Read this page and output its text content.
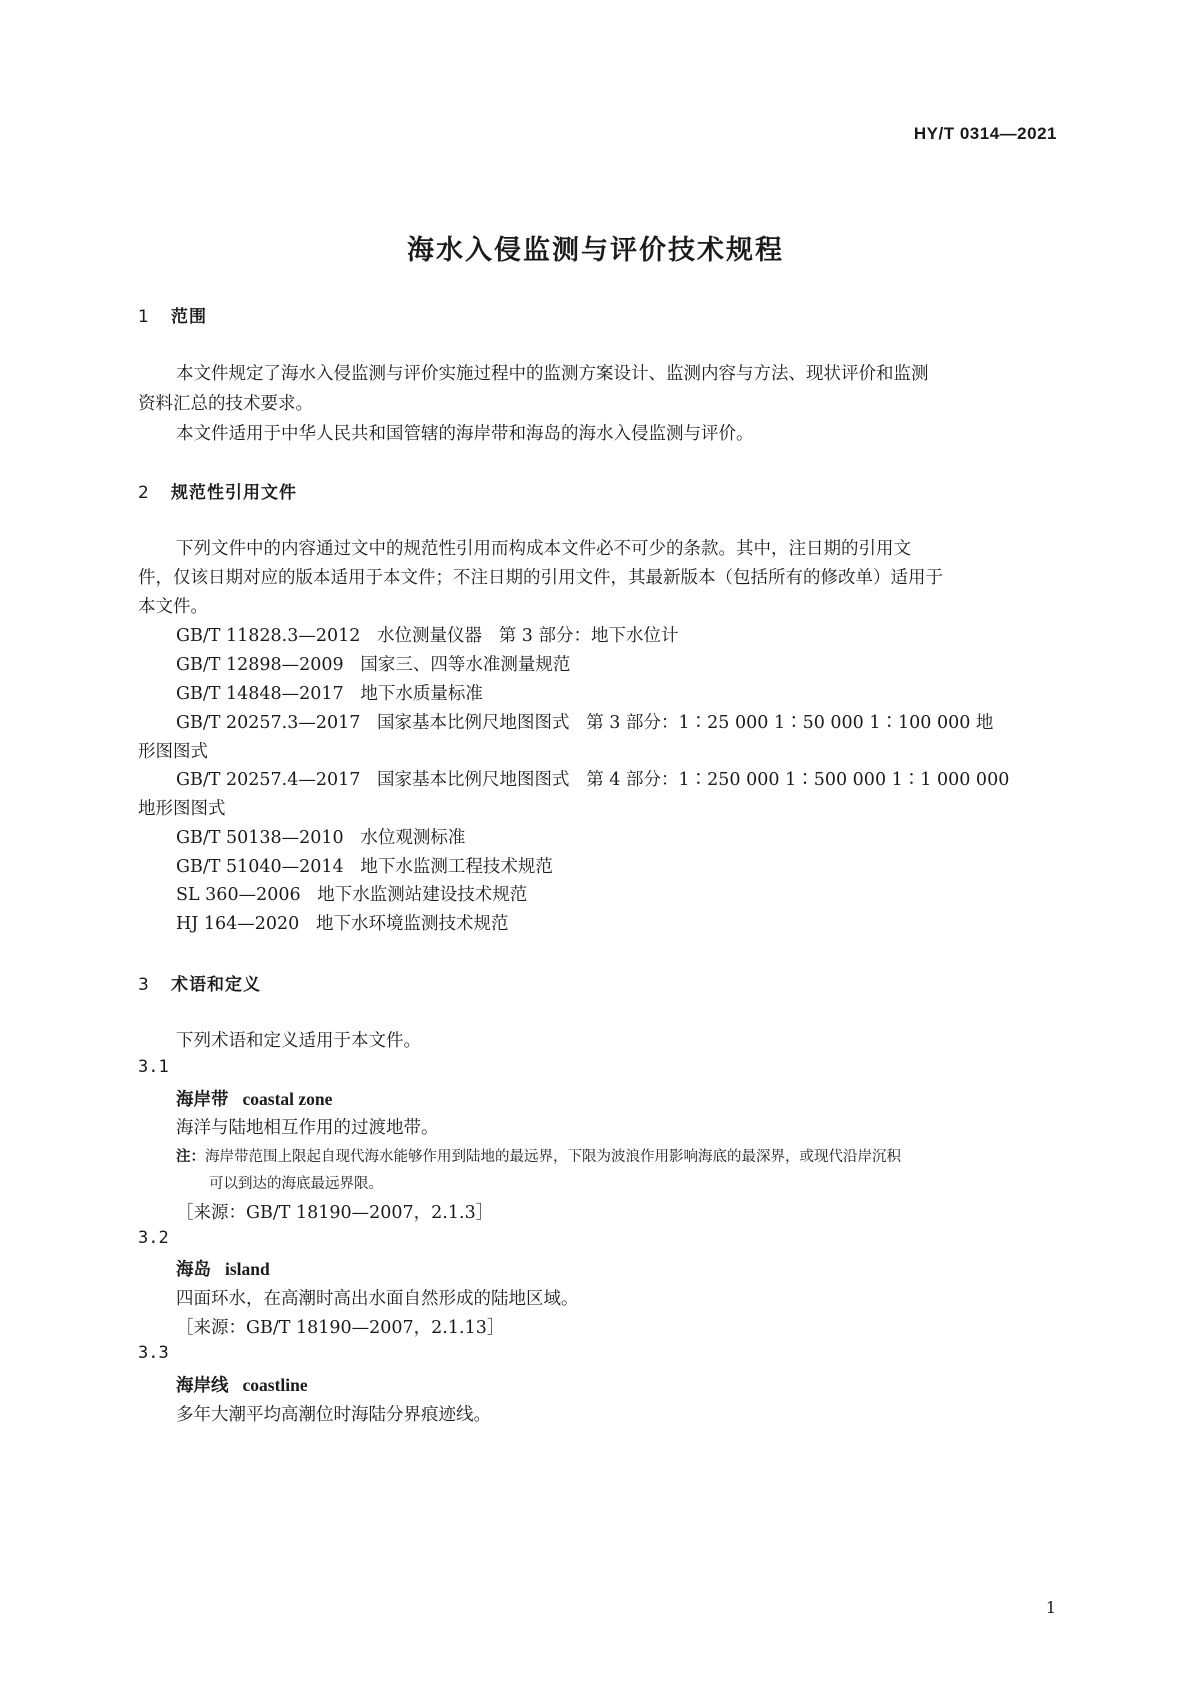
HY/T 0314—2021
海水入侵监测与评价技术规程
1 范围
本文件规定了海水入侵监测与评价实施过程中的监测方案设计、监测内容与方法、现状评价和监测
资料汇总的技术要求。
本文件适用于中华人民共和国管辖的海岸带和海岛的海水入侵监测与评价。
2 规范性引用文件
下列文件中的内容通过文中的规范性引用而构成本文件必不可少的条款。其中，注日期的引用文
件，仅该日期对应的版本适用于本文件；不注日期的引用文件，其最新版本（包括所有的修改单）适用于
本文件。
GB/T 11828.3—2012   水位测量仪器   第 3 部分：地下水位计
GB/T 12898—2009   国家三、四等水准测量规范
GB/T 14848—2017   地下水质量标准
GB/T 20257.3—2017   国家基本比例尺地图图式   第 3 部分：1∶25 000 1∶50 000 1∶100 000 地
形图图式
GB/T 20257.4—2017   国家基本比例尺地图图式   第 4 部分：1∶250 000 1∶500 000 1∶1 000 000
地形图图式
GB/T 50138—2010   水位观测标准
GB/T 51040—2014   地下水监测工程技术规范
SL 360—2006   地下水监测站建设技术规范
HJ 164—2020   地下水环境监测技术规范
3 术语和定义
下列术语和定义适用于本文件。
3.1
海岸带 coastal zone
海洋与陆地相互作用的过渡地带。
注：海岸带范围上限起自现代海水能够作用到陆地的最远界，下限为波浪作用影响海底的最深界，或现代沿岸沉积
可以到达的海底最远界限。
［来源：GB/T 18190—2007，2.1.3］
3.2
海岛 island
四面环水，在高潮时高出水面自然形成的陆地区域。
［来源：GB/T 18190—2007，2.1.13］
3.3
海岸线 coastline
多年大潮平均高潮位时海陆分界痕迹线。
1
